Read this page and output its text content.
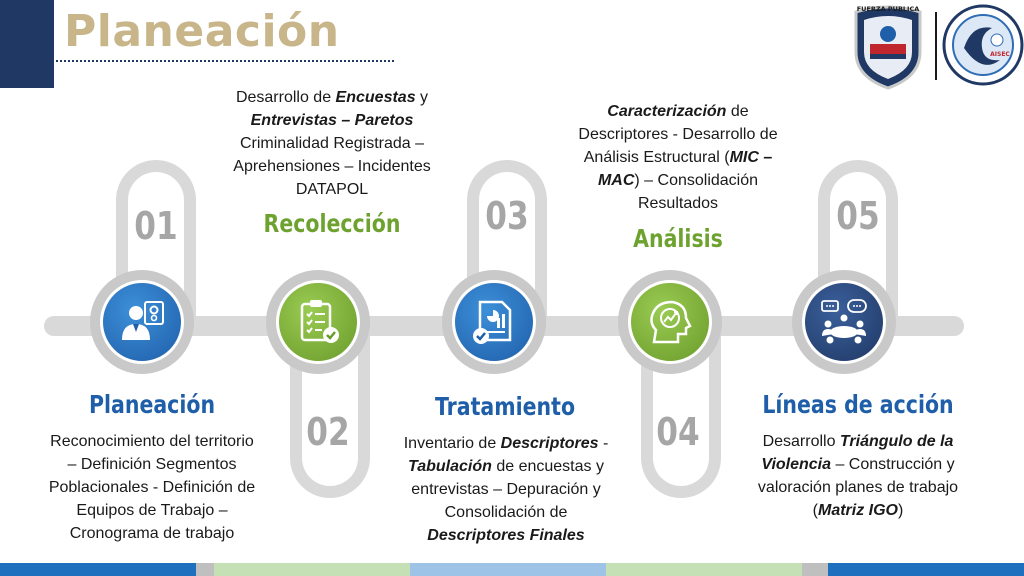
Planeación	FUERZA PUBLICA
AISEC
01
02
03
04
05
Planeación
Recolección
Tratamiento
Análisis
Líneas de acción
Reconocimiento del territorio
– Definición Segmentos
Poblacionales - Definición de
Equipos de Trabajo –
Cronograma de trabajo
Desarrollo de Encuestas y
Entrevistas – Paretos
Criminalidad Registrada –
Aprehensiones – Incidentes
DATAPOL
Inventario de Descriptores -
Tabulación de encuestas y
entrevistas – Depuración y
Consolidación de
Descriptores Finales
Caracterización de
Descriptores - Desarrollo de
Análisis Estructural (MIC –
MAC) – Consolidación
Resultados
Desarrollo Triángulo de la
Violencia – Construcción y
valoración planes de trabajo
(Matriz IGO)
